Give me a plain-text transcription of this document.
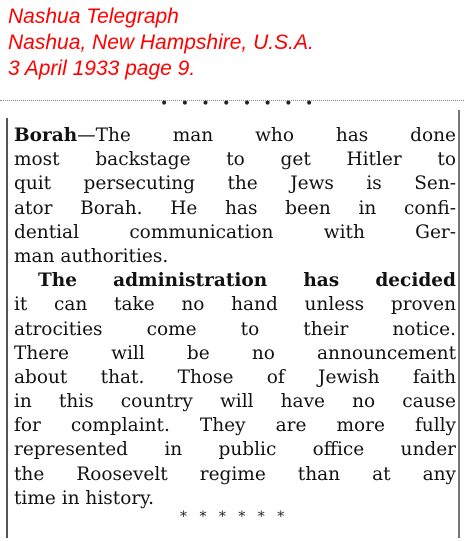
Nashua Telegraph
Nashua, New Hampshire, U.S.A.
3 April 1933 page 9.
• • • • • • • •
Borah—The man who has done
most backstage to get Hitler to
quit persecuting the Jews is Sen-
ator Borah. He has been in confi-
dential communication with Ger-
man authorities.
The administration has decided
it can take no hand unless proven
atrocities come to their notice.
There will be no announcement
about that. Those of Jewish faith
in this country will have no cause
for complaint. They are more fully
represented in public office under
the Roosevelt regime than at any
time in history.
* * * * * *
